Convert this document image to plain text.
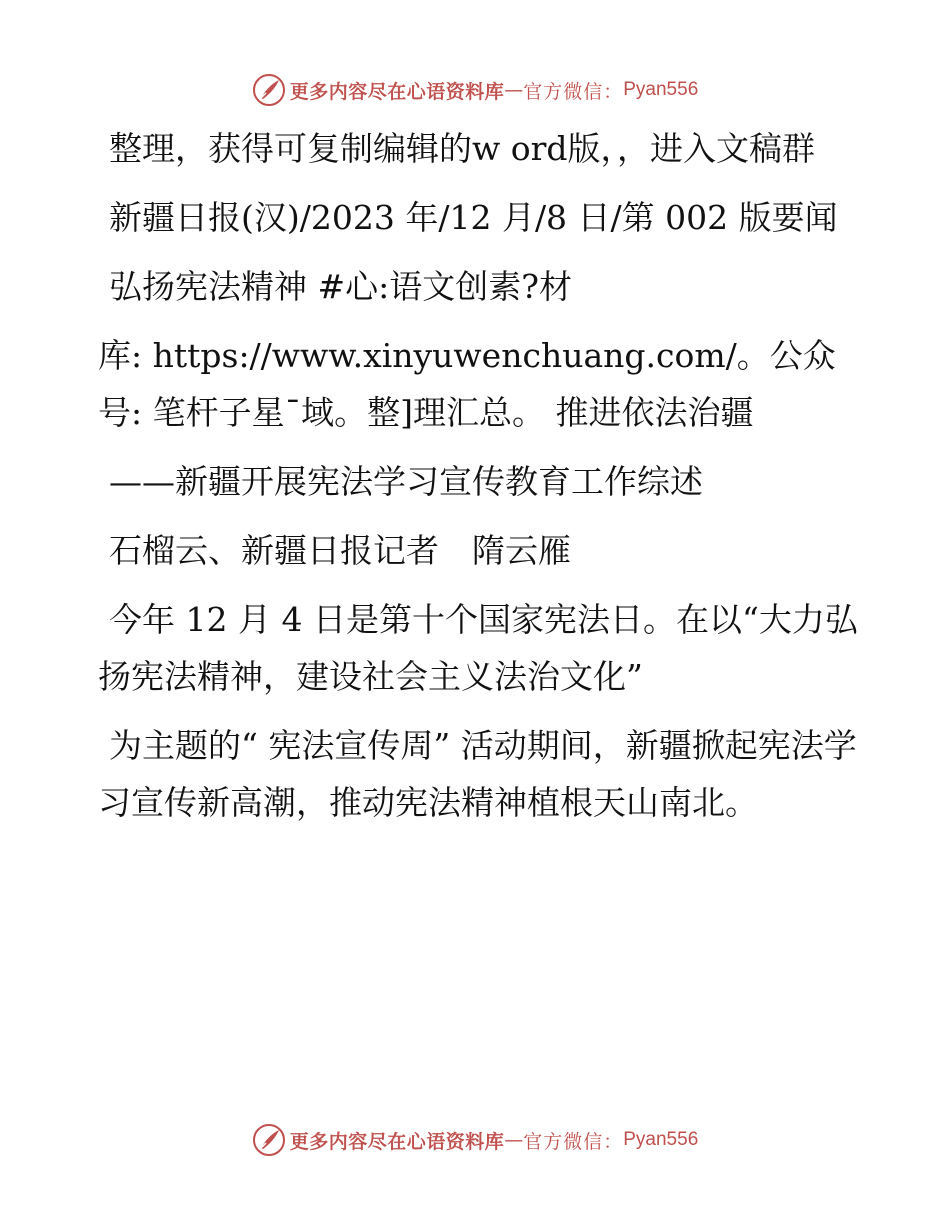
更多内容尽在心语资料库 — 官方微信： Pyan556

整理，获得可复制编辑的w ord版，，进入文稿群

新疆日报(汉)/2023 年/12 月/8 日/第 002 版要闻

弘扬宪法精神 #心:语文创素?材

库: https://www.xinyuwenchuang.com/。公众号: 笔杆子星¯域。整]理汇总。 推进依法治疆

——新疆开展宪法学习宣传教育工作综述

石榴云、新疆日报记者　隋云雁

今年 12 月 4 日是第十个国家宪法日。在以“大力弘扬宪法精神，建设社会主义法治文化”

为主题的“ 宪法宣传周” 活动期间，新疆掀起宪法学习宣传新高潮，推动宪法精神植根天山南北。

更多内容尽在心语资料库 — 官方微信： Pyan556
